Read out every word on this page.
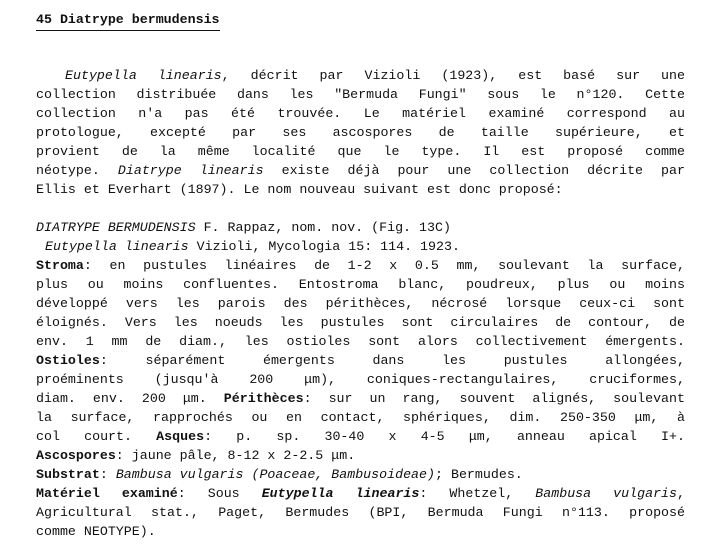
45 Diatrype bermudensis
Eutypella linearis, décrit par Vizioli (1923), est basé sur une
collection distribuée dans les "Bermuda Fungi" sous le n°120. Cette
collection n'a pas été trouvée. Le matériel examiné correspond au
protologue, excepté par ses ascospores de taille supérieure, et
provient de la même localité que le type. Il est proposé comme
néotype. Diatrype linearis existe déjà pour une collection décrite par
Ellis et Everhart (1897). Le nom nouveau suivant est donc proposé:
DIATRYPE BERMUDENSIS F. Rappaz, nom. nov. (Fig. 13C)
Eutypella linearis Vizioli, Mycologia 15: 114. 1923.
Stroma: en pustules linéaires de 1-2 x 0.5 mm, soulevant la surface,
plus ou moins confluentes. Entostroma blanc, poudreux, plus ou moins
développé vers les parois des périthèces, nécrosé lorsque ceux-ci sont
éloignés. Vers les noeuds les pustules sont circulaires de contour, de
env. 1 mm de diam., les ostioles sont alors collectivement émergents.
Ostioles: séparément émergents dans les pustules allongées,
proéminents (jusqu'à 200 μm), coniques-rectangulaires, cruciformes,
diam. env. 200 μm. Périthèces: sur un rang, souvent alignés, soulevant
la surface, rapprochés ou en contact, sphériques, dim. 250-350 μm, à
col court. Asques: p. sp. 30-40 x 4-5 μm, anneau apical I+.
Ascospores: jaune pâle, 8-12 x 2-2.5 μm.
Substrat: Bambusa vulgaris (Poaceae, Bambusoideae); Bermudes.
Matériel examiné: Sous Eutypella linearis: Whetzel, Bambusa vulgaris,
Agricultural stat., Paget, Bermudes (BPI, Bermuda Fungi n°113. proposé
comme NEOTYPE).
